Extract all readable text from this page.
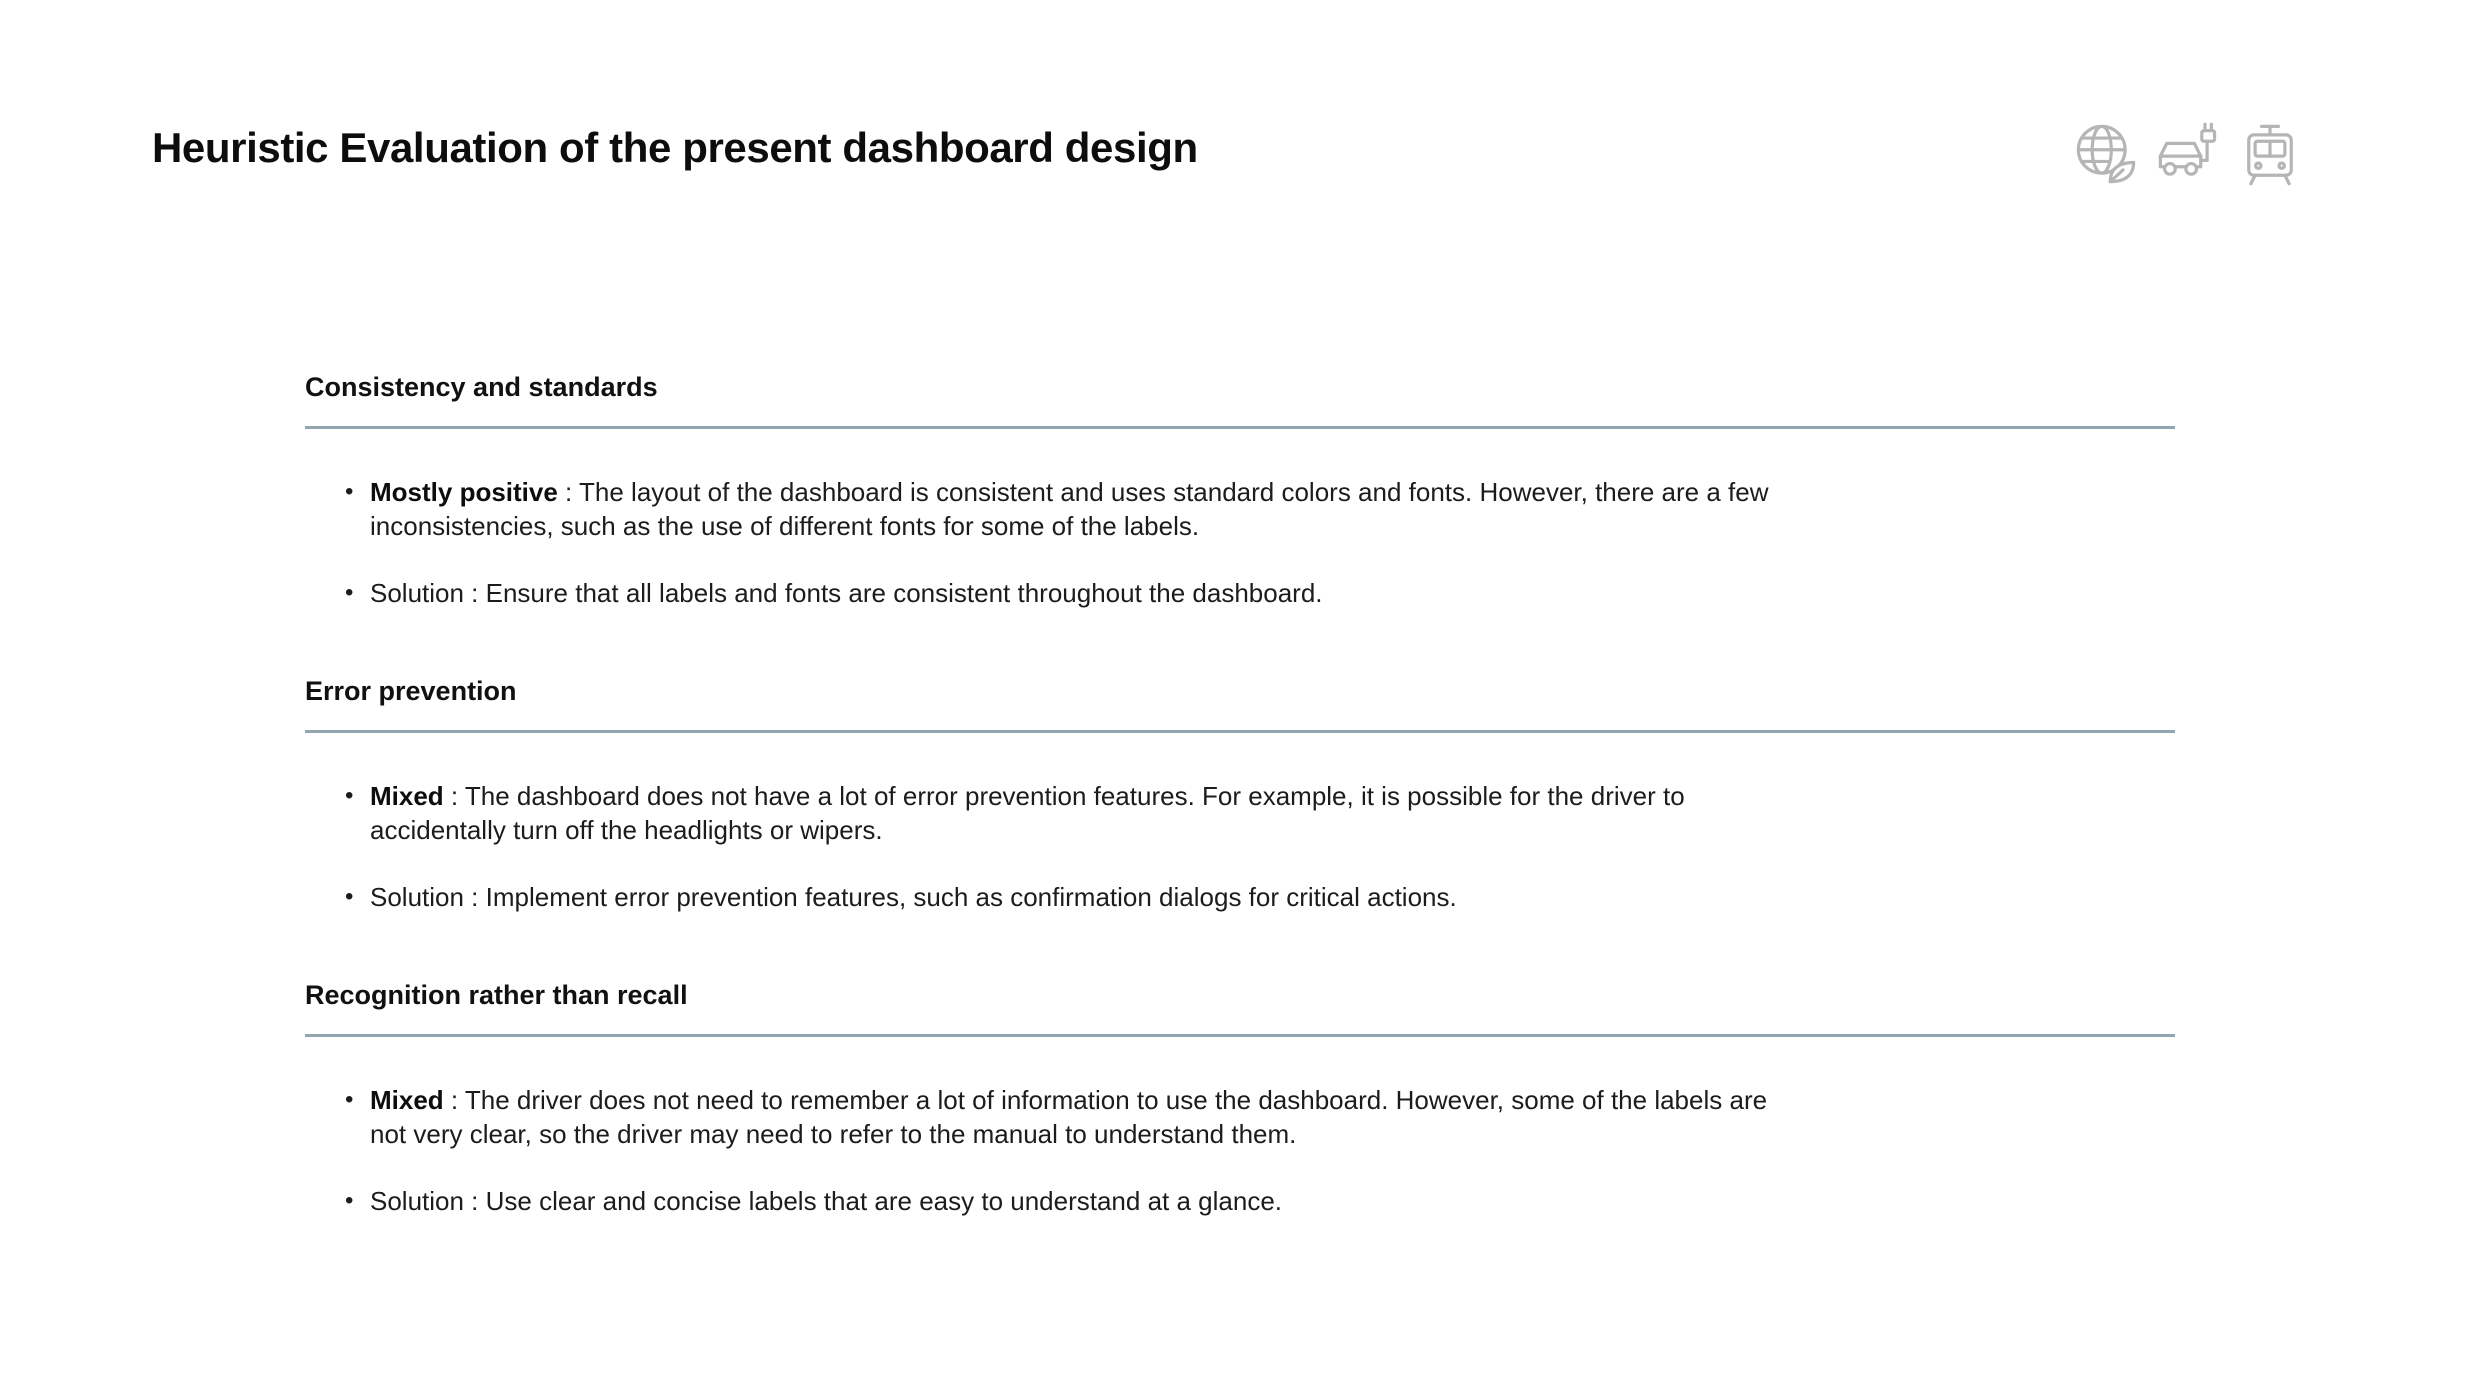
Heuristic Evaluation of the present dashboard design
Consistency and standards
• Mostly positive : The layout of the dashboard is consistent and uses standard colors and fonts. However, there are a few inconsistencies, such as the use of different fonts for some of the labels.
• Solution : Ensure that all labels and fonts are consistent throughout the dashboard.
Error prevention
• Mixed : The dashboard does not have a lot of error prevention features. For example, it is possible for the driver to accidentally turn off the headlights or wipers.
• Solution : Implement error prevention features, such as confirmation dialogs for critical actions.
Recognition rather than recall
• Mixed : The driver does not need to remember a lot of information to use the dashboard. However, some of the labels are not very clear, so the driver may need to refer to the manual to understand them.
• Solution : Use clear and concise labels that are easy to understand at a glance.
